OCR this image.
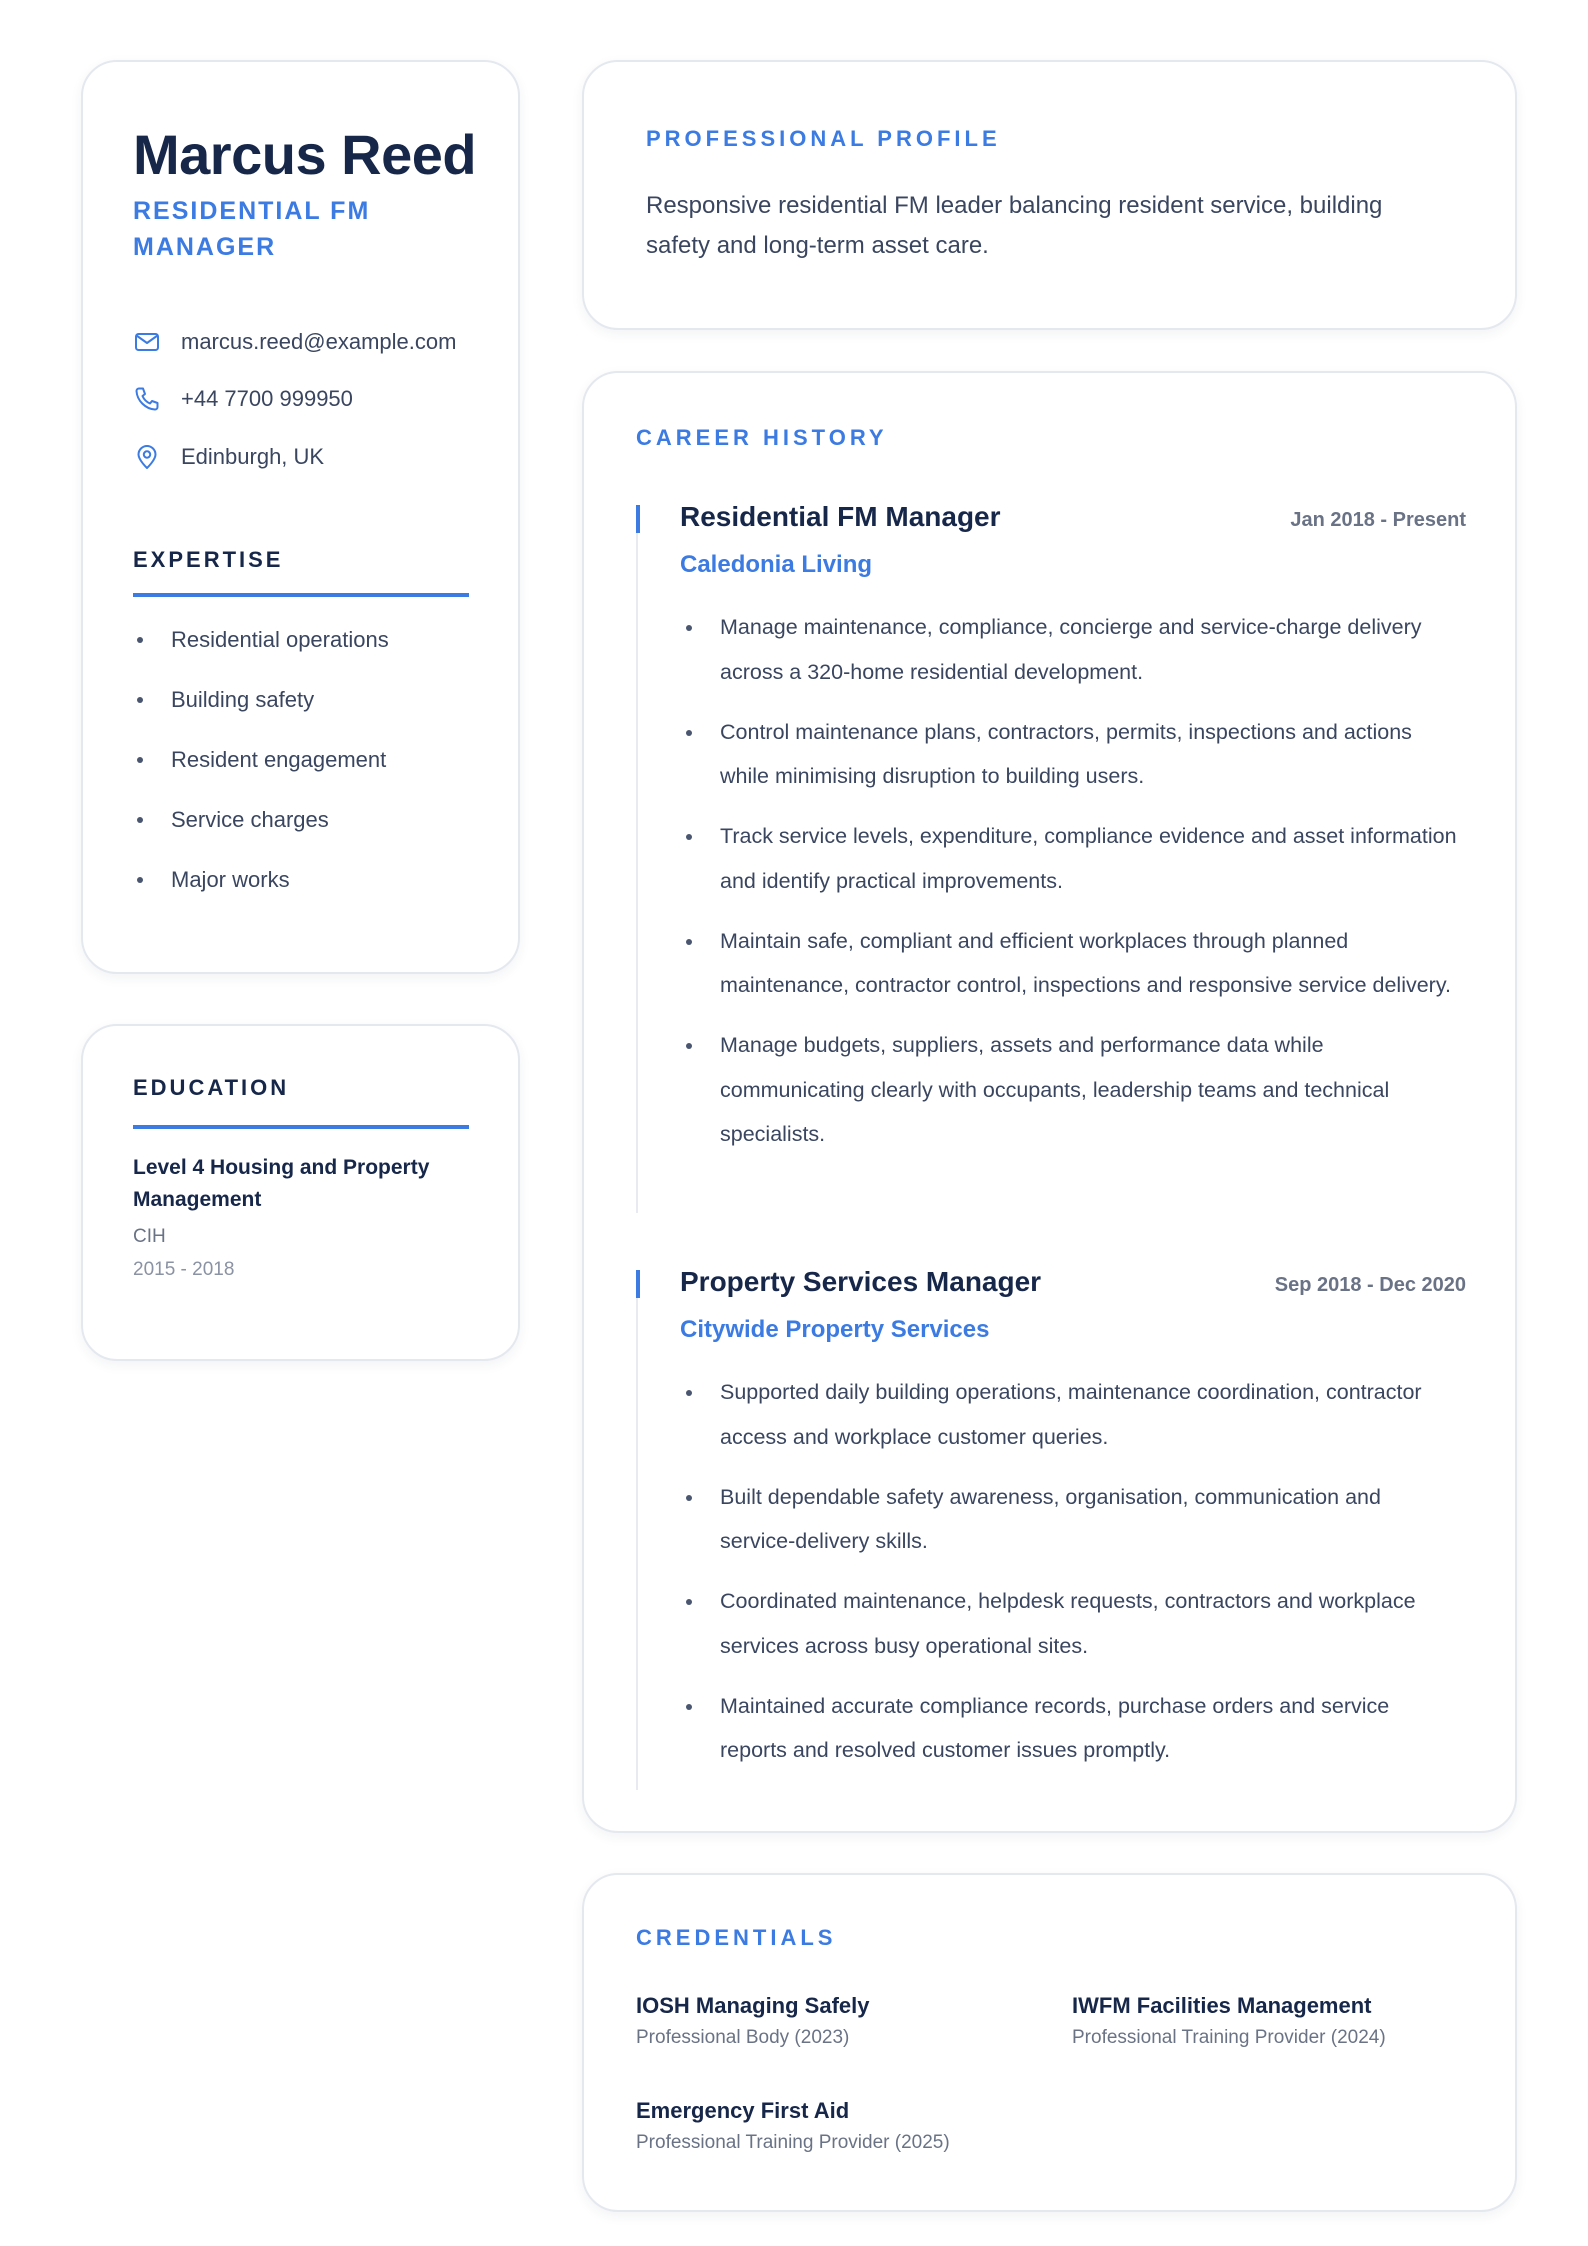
Marcus Reed
RESIDENTIAL FM MANAGER
marcus.reed@example.com
+44 7700 999950
Edinburgh, UK
EXPERTISE
Residential operations
Building safety
Resident engagement
Service charges
Major works
EDUCATION
Level 4 Housing and Property Management
CIH
2015 - 2018
PROFESSIONAL PROFILE
Responsive residential FM leader balancing resident service, building safety and long-term asset care.
CAREER HISTORY
Residential FM Manager	Jan 2018 - Present
Caledonia Living
Manage maintenance, compliance, concierge and service-charge delivery across a 320-home residential development.
Control maintenance plans, contractors, permits, inspections and actions while minimising disruption to building users.
Track service levels, expenditure, compliance evidence and asset information and identify practical improvements.
Maintain safe, compliant and efficient workplaces through planned maintenance, contractor control, inspections and responsive service delivery.
Manage budgets, suppliers, assets and performance data while communicating clearly with occupants, leadership teams and technical specialists.
Property Services Manager	Sep 2018 - Dec 2020
Citywide Property Services
Supported daily building operations, maintenance coordination, contractor access and workplace customer queries.
Built dependable safety awareness, organisation, communication and service-delivery skills.
Coordinated maintenance, helpdesk requests, contractors and workplace services across busy operational sites.
Maintained accurate compliance records, purchase orders and service reports and resolved customer issues promptly.
CREDENTIALS
IOSH Managing Safely
Professional Body (2023)
IWFM Facilities Management
Professional Training Provider (2024)
Emergency First Aid
Professional Training Provider (2025)
